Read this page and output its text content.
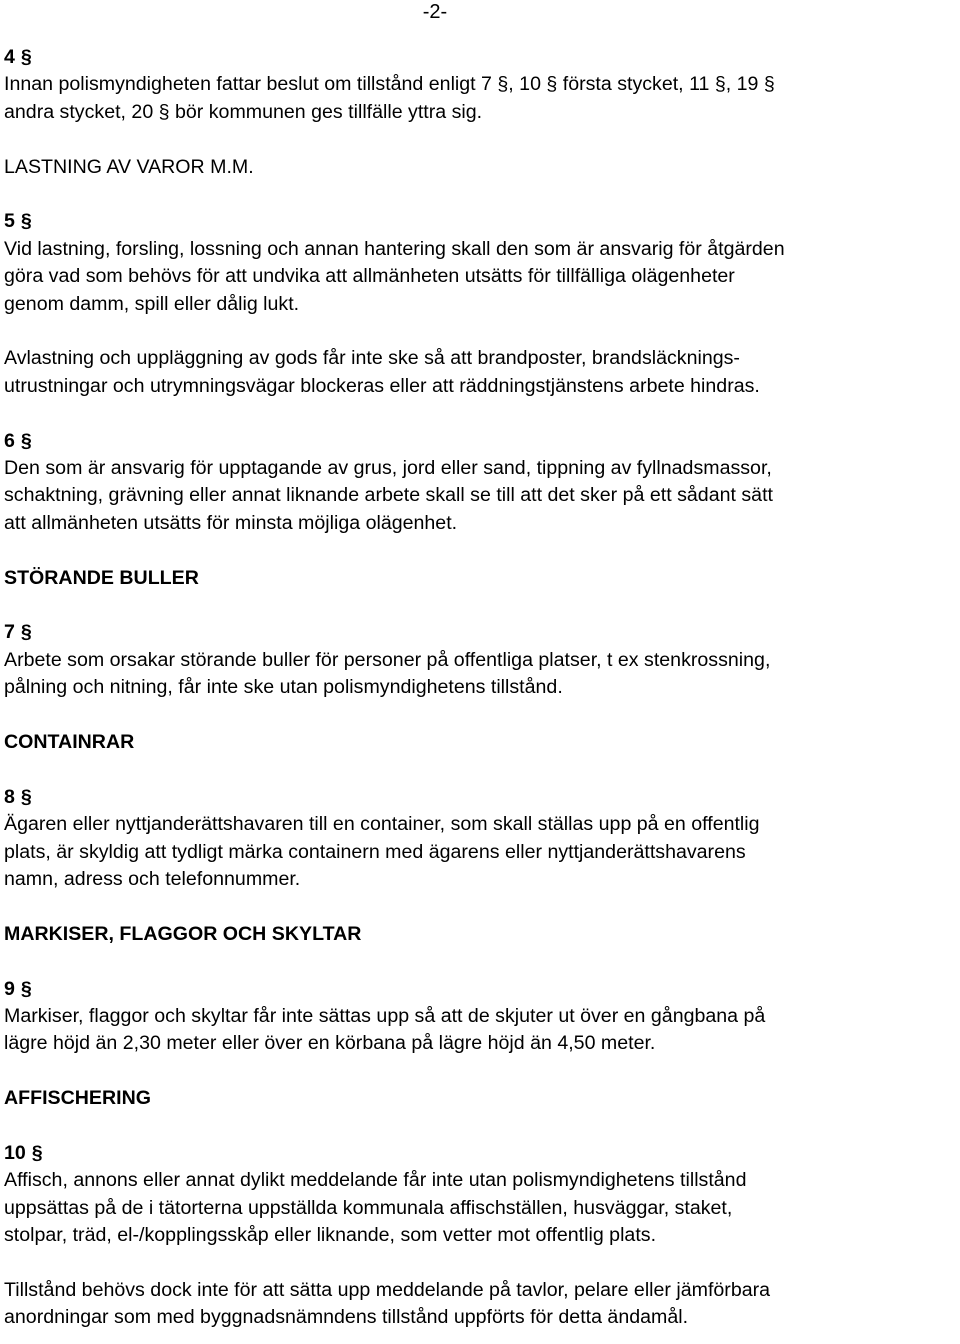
-2-

4 §

Innan polismyndigheten fattar beslut om tillstånd enligt 7 §, 10 § första stycket, 11 §, 19 §

andra stycket, 20 § bör kommunen ges tillfälle yttra sig.

LASTNING AV VAROR M.M.

5 §

Vid lastning, forsling, lossning och annan hantering skall den som är ansvarig för åtgärden

göra vad som behövs för att undvika att allmänheten utsätts för tillfälliga olägenheter

genom damm, spill eller dålig lukt.

Avlastning och uppläggning av gods får inte ske så att brandposter, brandsläcknings-

utrustningar och utrymningsvägar blockeras eller att räddningstjänstens arbete hindras.

6 §

Den som är ansvarig för upptagande av grus, jord eller sand, tippning av fyllnadsmassor,

schaktning, grävning eller annat liknande arbete skall se till att det sker på ett sådant sätt

att allmänheten utsätts för minsta möjliga olägenhet.

STÖRANDE BULLER

7 §

Arbete som orsakar störande buller för personer på offentliga platser, t ex stenkrossning,

pålning och nitning, får inte ske utan polismyndighetens tillstånd.

CONTAINRAR

8 §

Ägaren eller nyttjanderättshavaren till en container, som skall ställas upp på en offentlig

plats, är skyldig att tydligt märka containern med ägarens eller nyttjanderättshavarens

namn, adress och telefonnummer.

MARKISER, FLAGGOR OCH SKYLTAR

9 §

Markiser, flaggor och skyltar får inte sättas upp så att de skjuter ut över en gångbana på

lägre höjd än 2,30 meter eller över en körbana på lägre höjd än 4,50 meter.

AFFISCHERING

10 §

Affisch, annons eller annat dylikt meddelande får inte utan polismyndighetens tillstånd

uppsättas på de i tätorterna uppställda kommunala affischställen, husväggar, staket,

stolpar, träd, el-/kopplingsskåp eller liknande, som vetter mot offentlig plats.

Tillstånd behövs dock inte för att sätta upp meddelande på tavlor, pelare eller jämförbara

anordningar som med byggnadsnämndens tillstånd uppförts för detta ändamål.
